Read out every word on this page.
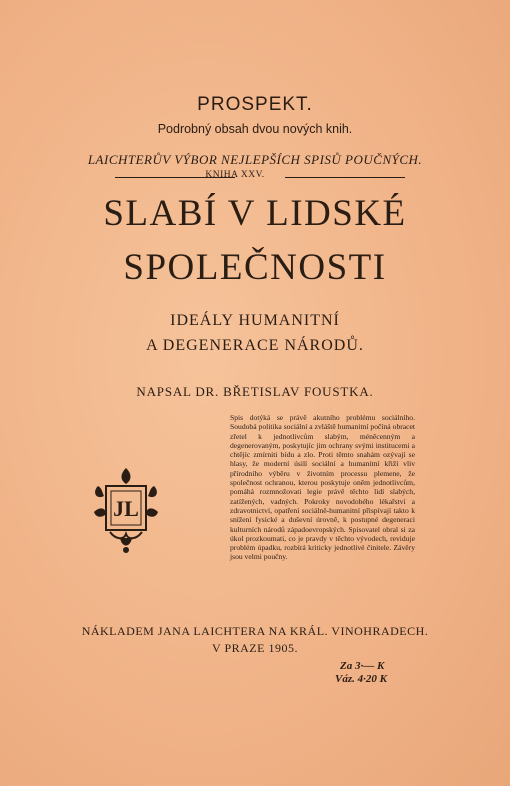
PROSPEKT.
Podrobný obsah dvou nových knih.
LAICHTERŮV VÝBOR NEJLEPŠÍCH SPISŮ POUČNÝCH.
KNIHA XXV.
SLABÍ V LIDSKÉ
SPOLEČNOSTI
IDEÁLY HUMANITNÍ
A DEGENERACE NÁRODŮ.
NAPSAL DR. BŘETISLAV FOUSTKA.
JL
Spis dotýká se právě akutního problému sociálního. Soudobá politika sociální a zvláště humanitní počíná obracet zřetel k jednotlivcům slabým, méněcenným a degenerovaným, poskytujíc jim ochrany svými institucemi a chtějíc zmírniti bídu a zlo. Proti těmto snahám ozývají se hlasy, že moderní úsilí sociální a humanitní křiží vliv přírodního výběru v životním processu plemene, že společnost ochranou, kterou poskytuje oněm jednotlivcům, pomáhá rozmnožovati legie právě těchto lidí slabých, zatížených, vadných. Pokroky novodobého lékařství a zdravotnictví, opatření sociálně-humanitní přispívají takto k snížení fysické a duševní úrovně, k postupné degeneraci kulturních národů západoevropských. Spisovatel obral si za úkol prozkoumati, co je pravdy v těchto vývodech, reviduje problém úpadku, rozbírá kriticky jednotlivé činitele. Závěry jsou velmi poučny.
NÁKLADEM JANA LAICHTERA NA KRÁL. VINOHRADECH.
V PRAZE 1905.
Za 3·— K
Váz. 4·20 K
